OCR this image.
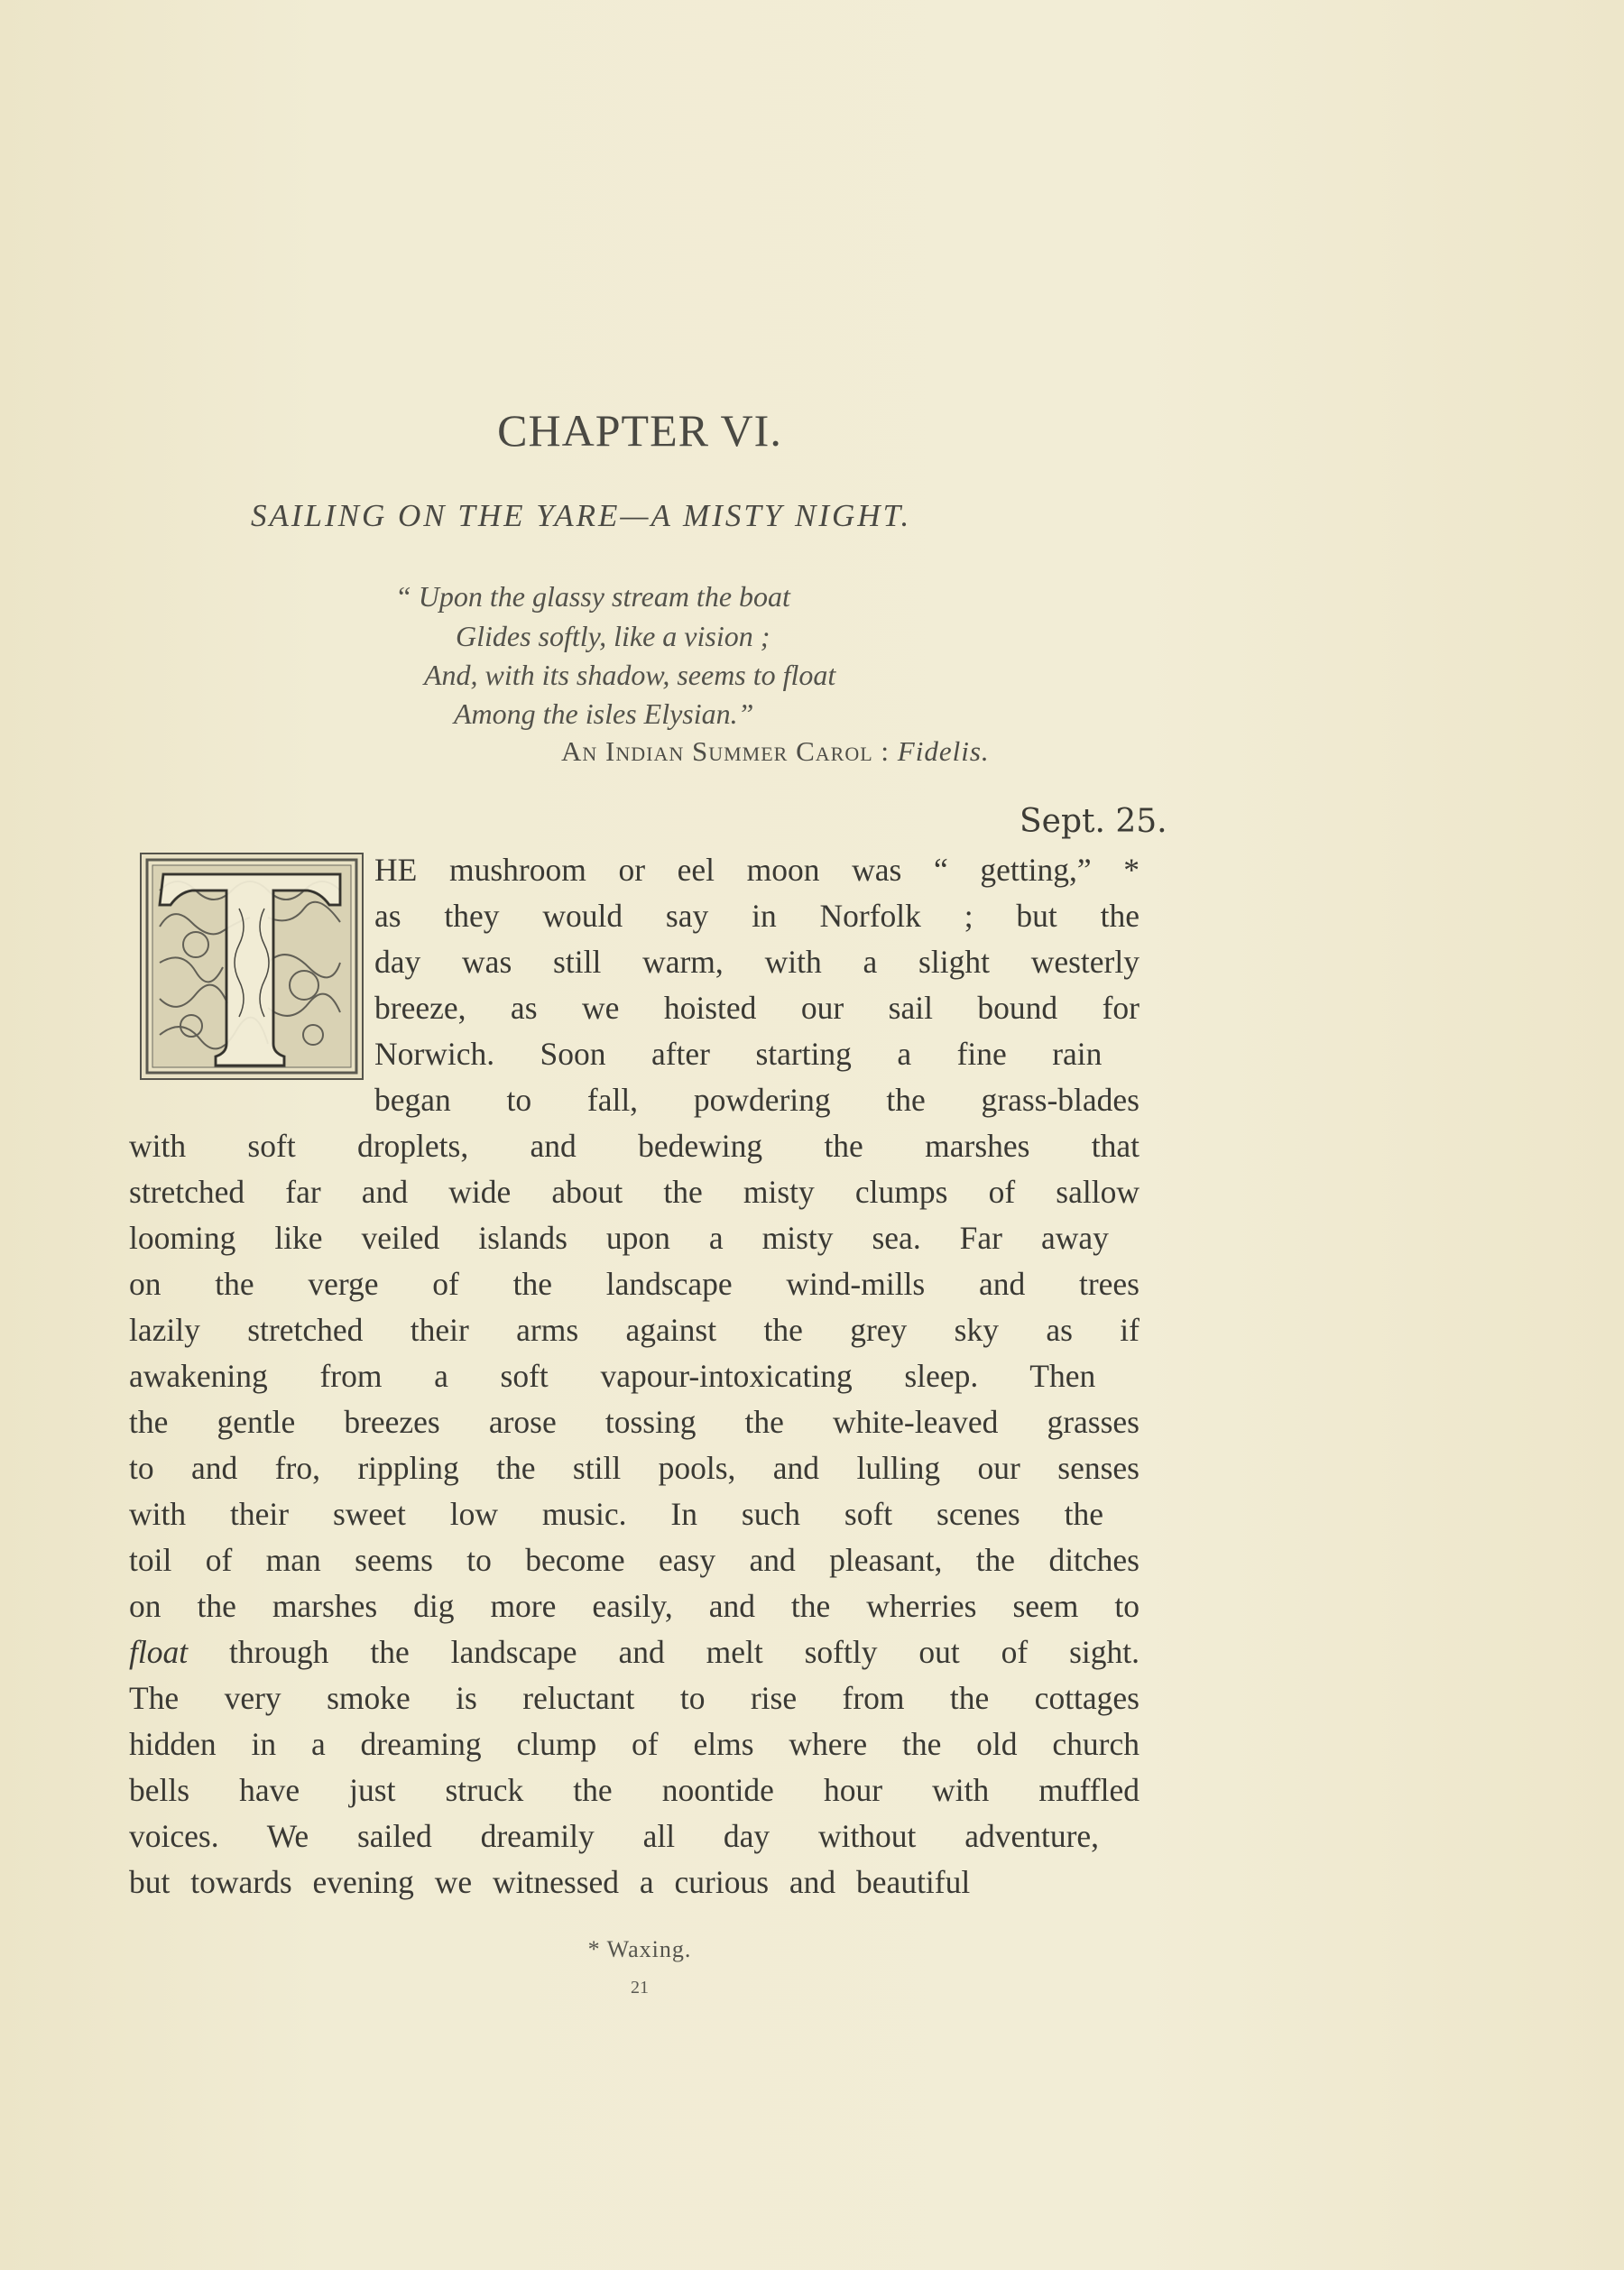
CHAPTER VI.
SAILING ON THE YARE—A MISTY NIGHT.
“ Upon the glassy stream the boat
Glides softly, like a vision ;
And, with its shadow, seems to float
Among the isles Elysian.”
An Indian Summer Carol : Fidelis.
Sept. 25.
HE mushroom or eel moon was “ getting,” *
as they would say in Norfolk ; but the
day was still warm, with a slight westerly
breeze, as we hoisted our sail bound for
Norwich. Soon after starting a fine rain
began to fall, powdering the grass-blades
with soft droplets, and bedewing the marshes that
stretched far and wide about the misty clumps of sallow
looming like veiled islands upon a misty sea. Far away
on the verge of the landscape wind-mills and trees
lazily stretched their arms against the grey sky as if
awakening from a soft vapour-intoxicating sleep. Then
the gentle breezes arose tossing the white-leaved grasses
to and fro, rippling the still pools, and lulling our senses
with their sweet low music. In such soft scenes the
toil of man seems to become easy and pleasant, the ditches
on the marshes dig more easily, and the wherries seem to
float through the landscape and melt softly out of sight.
The very smoke is reluctant to rise from the cottages
hidden in a dreaming clump of elms where the old church
bells have just struck the noontide hour with muffled
voices. We sailed dreamily all day without adventure,
but towards evening we witnessed a curious and beautiful
* Waxing.
21
